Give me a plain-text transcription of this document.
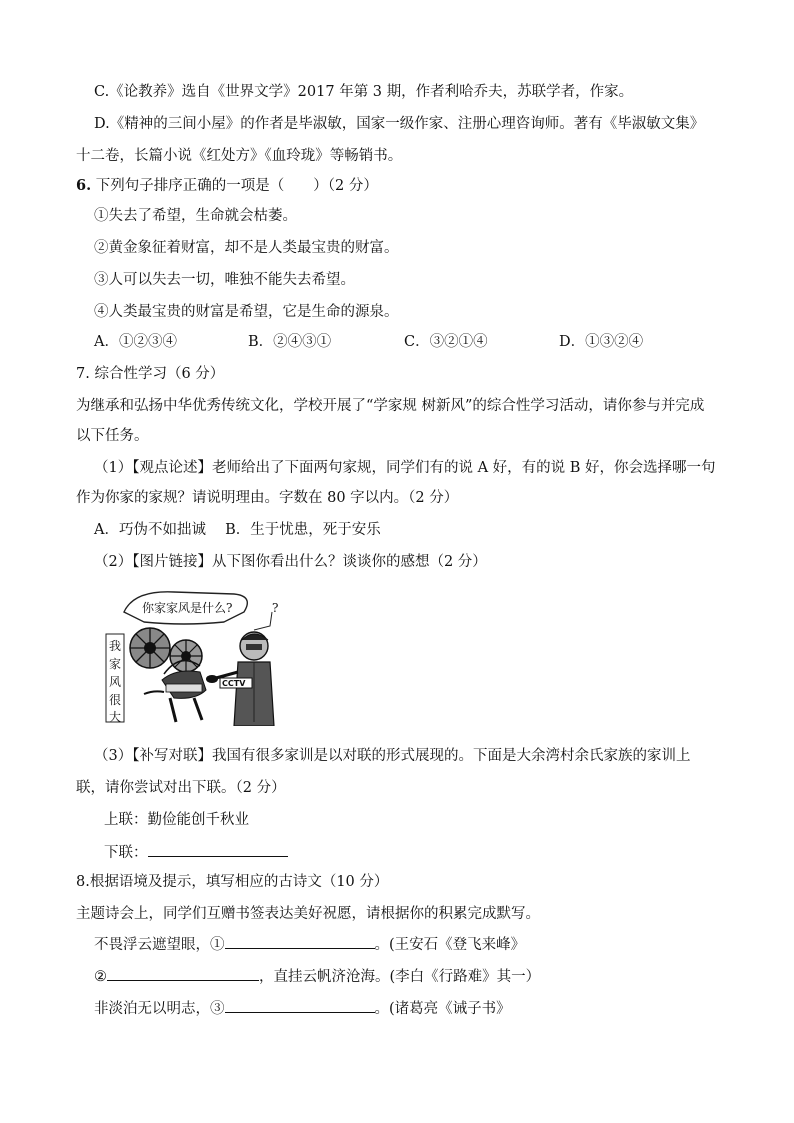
C.《论教养》选自《世界文学》2017 年第 3 期，作者利哈乔夫，苏联学者，作家。
D.《精神的三间小屋》的作者是毕淑敏，国家一级作家、注册心理咨询师。著有《毕淑敏文集》
十二卷，长篇小说《红处方》《血玲珑》等畅销书。
6. 下列句子排序正确的一项是（　　）（2 分）
①失去了希望，生命就会枯萎。
②黄金象征着财富，却不是人类最宝贵的财富。
③人可以失去一切，唯独不能失去希望。
④人类最宝贵的财富是希望，它是生命的源泉。
A．①②③④	B．②④③①	C．③②①④	D．①③②④
7. 综合性学习（6 分）
为继承和弘扬中华优秀传统文化，学校开展了“学家规 树新风”的综合性学习活动，请你参与并完成
以下任务。
（1）【观点论述】老师给出了下面两句家规，同学们有的说 A 好，有的说 B 好，你会选择哪一句
作为你家的家规？请说明理由。字数在 80 字以内。（2 分）
A．巧伪不如拙诚　 B．生于忧患，死于安乐
（2）【图片链接】从下图你看出什么？谈谈你的感想（2 分）
你家家风是什么?	?
我
家
风
很
大
CCTV
（3）【补写对联】我国有很多家训是以对联的形式展现的。下面是大余湾村余氏家族的家训上
联，请你尝试对出下联。（2 分）
上联：勤俭能创千秋业
下联：
8.根据语境及提示，填写相应的古诗文（10 分）
主题诗会上，同学们互赠书签表达美好祝愿，请根据你的积累完成默写。
不畏浮云遮望眼，①	。(王安石《登飞来峰》
②	，直挂云帆济沧海。(李白《行路难》其一）
非淡泊无以明志，③	。(诸葛亮《诫子书》
